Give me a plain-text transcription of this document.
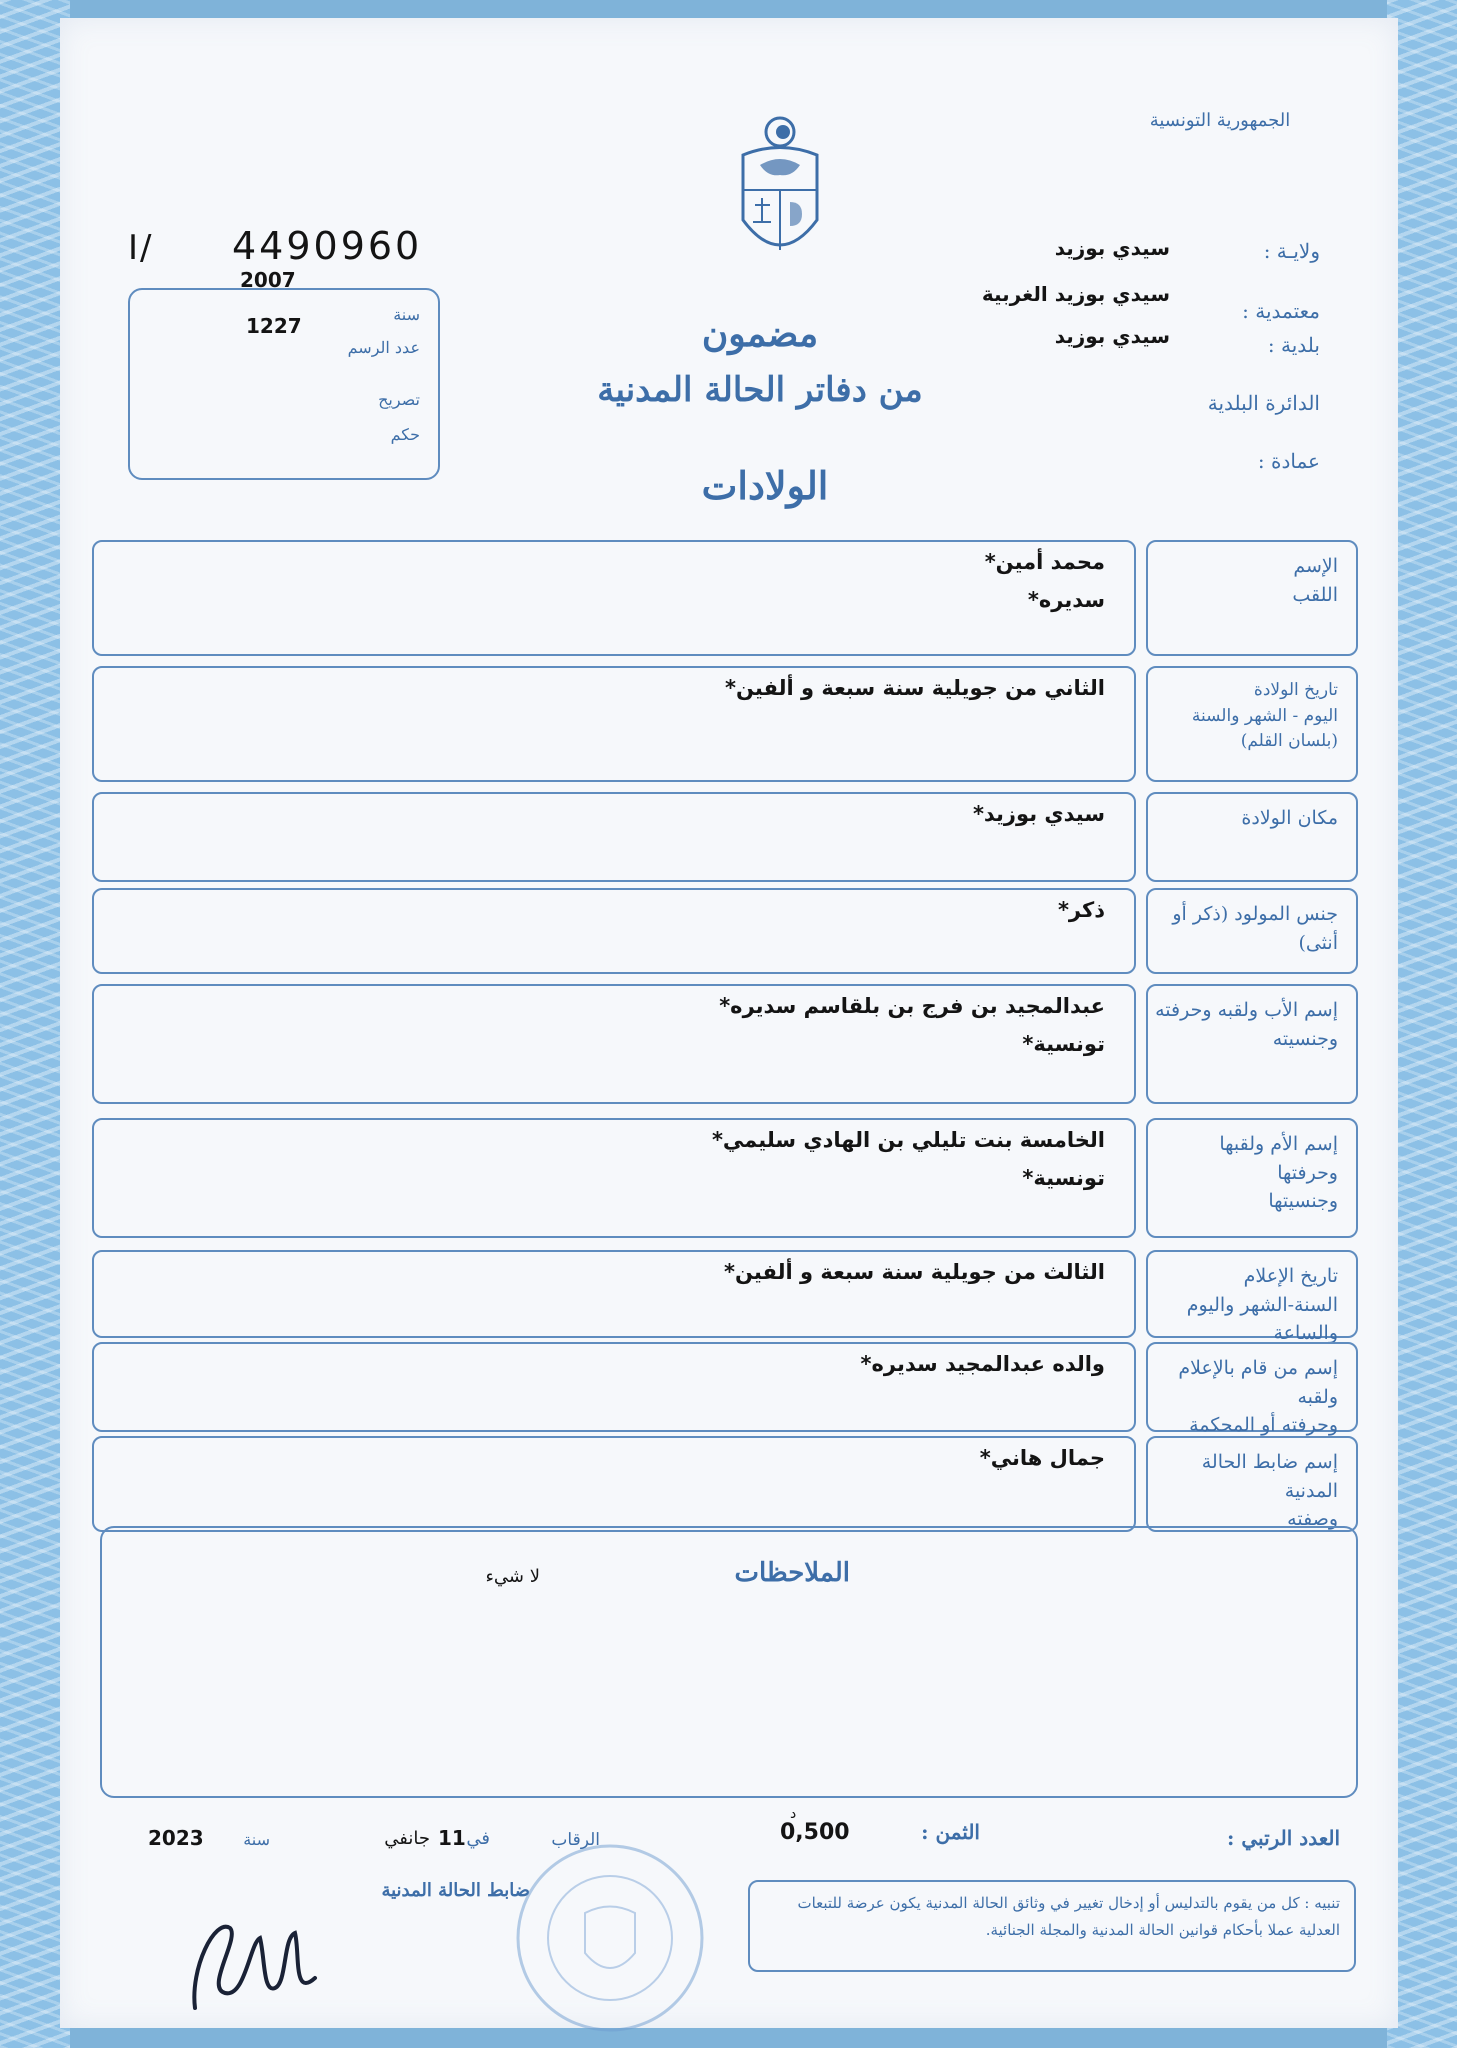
الجمهورية التونسية
ولايـة :
سيدي بوزيد
معتمدية :
سيدي بوزيد الغربية
بلدية :
سيدي بوزيد
الدائرة البلدية
عمادة :
I/ 4490960
2007
سنة
1227
عدد الرسم
تصريح
حكم
مضمون
من دفاتر الحالة المدنية
الولادات
الإسم
اللقب
محمد أمين*
سديره*
تاريخ الولادة
اليوم - الشهر والسنة
(بلسان القلم)
الثاني من جويلية سنة سبعة و ألفين*
مكان الولادة
سيدي بوزيد*
جنس المولود (ذكر أو أنثى)
ذكر*
إسم الأب ولقبه وحرفته
وجنسيته
عبدالمجيد بن فرج بن بلقاسم سديره*
تونسية*
إسم الأم ولقبها وحرفتها
وجنسيتها
الخامسة بنت تليلي بن الهادي سليمي*
تونسية*
تاريخ الإعلام
السنة-الشهر واليوم والساعة
الثالث من جويلية سنة سبعة و ألفين*
إسم من قام بالإعلام ولقبه
وحرفته أو المحكمة
والده عبدالمجيد سديره*
إسم ضابط الحالة المدنية
وصفته
جمال هاني*
الملاحظات
لا شيء
العدد الرتبي :
الثمن :
0,500
د
الرقاب
في
11
جانفي
سنة
2023
ضابط الحالة المدنية
تنبيه : كل من يقوم بالتدليس أو إدخال تغيير في وثائق الحالة المدنية يكون عرضة للتبعات العدلية عملا بأحكام قوانين الحالة المدنية والمجلة الجنائية.
